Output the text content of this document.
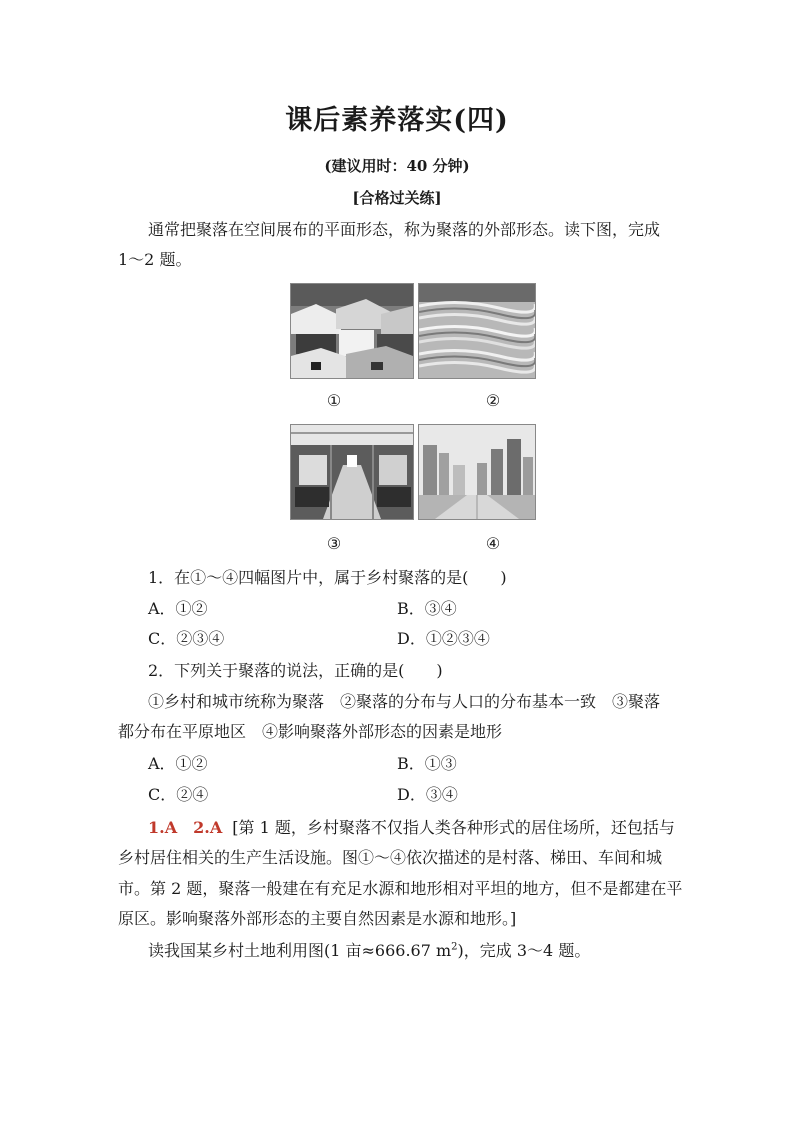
课后素养落实(四)
(建议用时：40 分钟)
[合格过关练]
通常把聚落在空间展布的平面形态，称为聚落的外部形态。读下图，完成
1～2 题。
①	②
③	④
1．在①～④四幅图片中，属于乡村聚落的是(　　)
A．①②	B．③④
C．②③④	D．①②③④
2．下列关于聚落的说法，正确的是(　　)
①乡村和城市统称为聚落　②聚落的分布与人口的分布基本一致　③聚落
都分布在平原地区　④影响聚落外部形态的因素是地形
A．①②	B．①③
C．②④	D．③④
1.A　2.A [第 1 题，乡村聚落不仅指人类各种形式的居住场所，还包括与
乡村居住相关的生产生活设施。图①～④依次描述的是村落、梯田、车间和城
市。第 2 题，聚落一般建在有充足水源和地形相对平坦的地方，但不是都建在平
原区。影响聚落外部形态的主要自然因素是水源和地形。]
读我国某乡村土地利用图(1 亩≈666.67 $m^2$)，完成 3～4 题。
